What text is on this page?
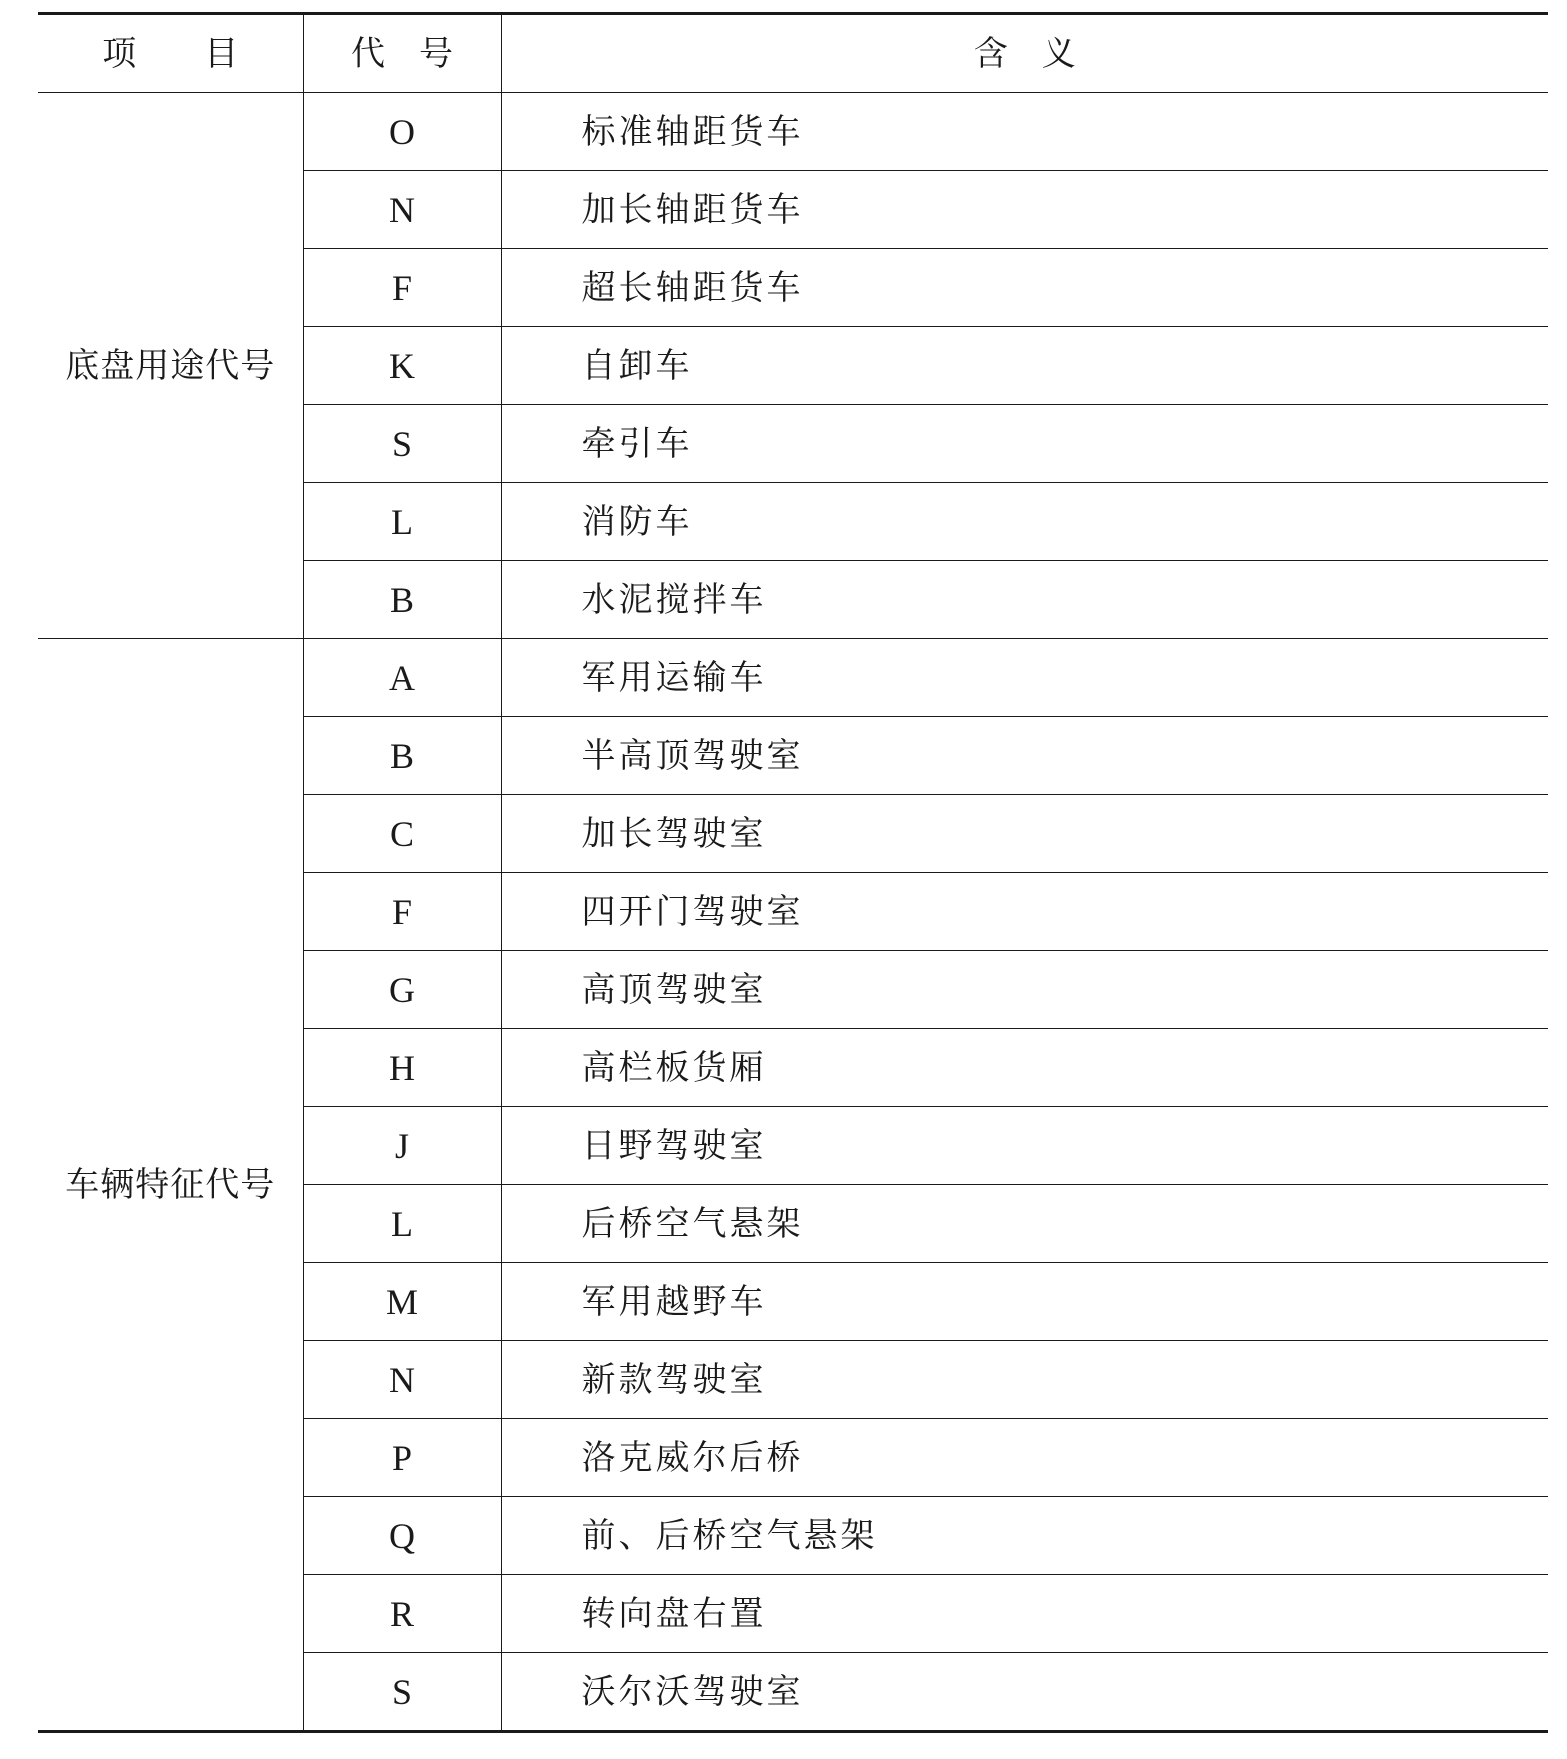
项　　目	代　号	含　义
底盘用途代号	O	标准轴距货车
	N	加长轴距货车
	F	超长轴距货车
	K	自卸车
	S	牵引车
	L	消防车
	B	水泥搅拌车
车辆特征代号	A	军用运输车
	B	半高顶驾驶室
	C	加长驾驶室
	F	四开门驾驶室
	G	高顶驾驶室
	H	高栏板货厢
	J	日野驾驶室
	L	后桥空气悬架
	M	军用越野车
	N	新款驾驶室
	P	洛克威尔后桥
	Q	前、后桥空气悬架
	R	转向盘右置
	S	沃尔沃驾驶室
